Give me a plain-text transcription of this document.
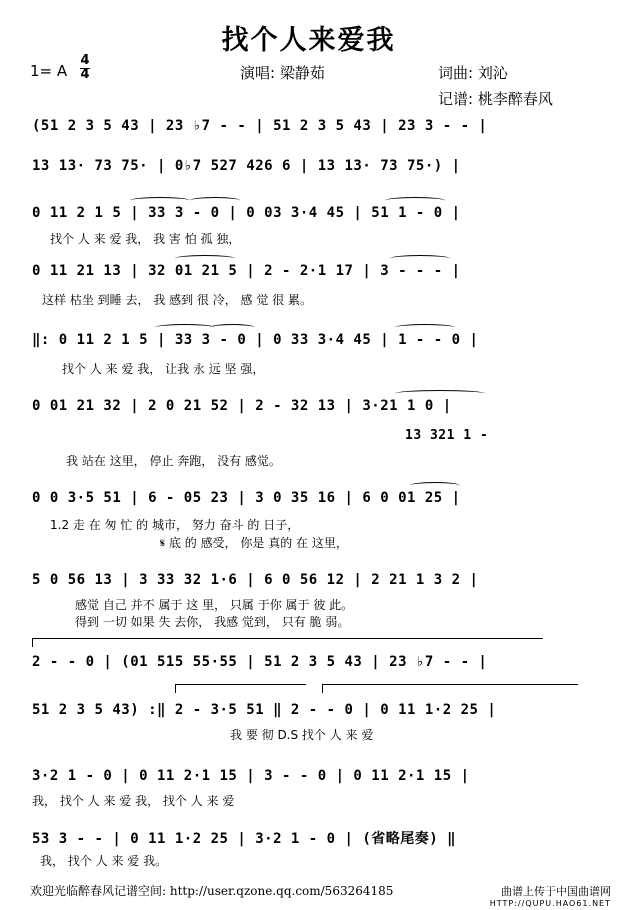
找个人来爱我
1= A
4
4	演唱: 梁静茹	词曲: 刘沁
记谱: 桃李醉春风
(51 2 3 5 43 | 23 ♭7 - - | 51 2 3 5 43 | 23 3 - - |
13 13· 73 75· | 0♭7 527 426 6 | 13 13· 73 75·) |
0 11 2 1 5 | 33 3 - 0 | 0 03 3·4 45 | 51 1 - 0 |
找个 人 来 爱 我， 我 害 怕 孤 独，
0 11 21 13 | 32 01 21 5 | 2 - 2·1 17 | 3 - - - |
这样 枯坐 到睡 去， 我 感到 很 冷， 感 觉 很 累。
‖: 0 11 2 1 5 | 33 3 - 0 | 0 33 3·4 45 | 1 - - 0 |
找个 人 来 爱 我， 让我 永 远 坚 强，
0 01 21 32 | 2 0 21 52 | 2 - 32 13 | 3·21 1 0 |
13 321 1 -
我 站在 这里， 停止 奔跑， 没有 感觉。
0 0 3·5 51 | 6 - 05 23 | 3 0 35 16 | 6 0 01 25 |
1.2 走 在 匆 忙 的 城市， 努力 奋斗 的 日子，
𝄋 底 的 感受， 你是 真的 在 这里，
5 0 56 13 | 3 33 32 1·6 | 6 0 56 12 | 2 21 1 3 2 |
感觉 自己 并不 属于 这 里， 只属 于你 属于 彼 此。
得到 一切 如果 失 去你， 我感 觉到， 只有 脆 弱。
2 - - 0 | (01 515 55·55 | 51 2 3 5 43 | 23 ♭7 - - |
51 2 3 5 43) :‖ 2 - 3·5 51 ‖ 2 - - 0 | 0 11 1·2 25 |
我 要 彻 D.S 找个 人 来 爱
3·2 1 - 0 | 0 11 2·1 15 | 3 - - 0 | 0 11 2·1 15 |
我， 找个 人 来 爱 我， 找个 人 来 爱
53 3 - - | 0 11 1·2 25 | 3·2 1 - 0 | (省略尾奏) ‖
我， 找个 人 来 爱 我。
欢迎光临醉春风记谱空间: http://user.qzone.qq.com/563264185	曲谱上传于中国曲谱网
HTTP://QUPU.HAO61.NET
